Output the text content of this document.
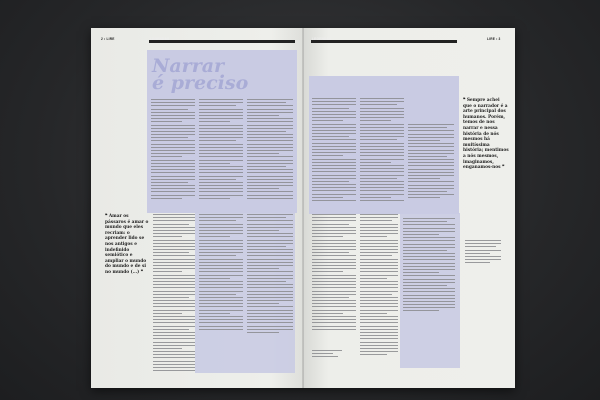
2 • LIRE	LEGENDAS
Narrar
é preciso
❝ Amar os pássaros é amar o mundo que eles recriam: o aprender lido se nos antigos e indefinido semiótico e ampliar o mundo do mundo e de si no mundo (...) ❞
LEGENDAS	LIRE • 3
❝ Sempre achei que o narrador é a arte principal dos humanos. Porém, temos de nos narrar e nessa história de nós mesmos há muitíssima história; mentimos a nós mesmos, imaginamos, enganamos-nos ❞
